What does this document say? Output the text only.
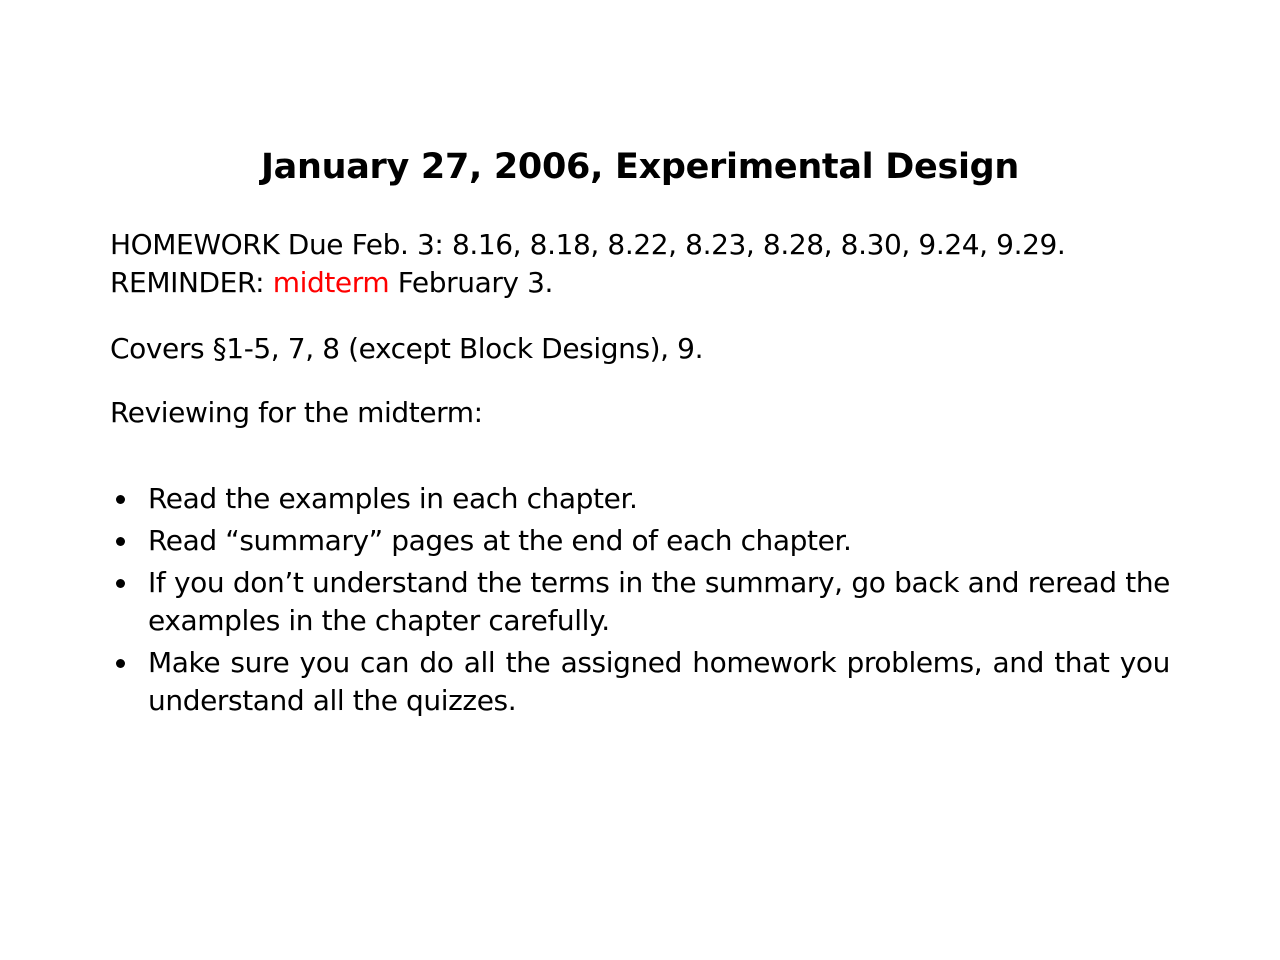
January 27, 2006, Experimental Design
HOMEWORK Due Feb. 3: 8.16, 8.18, 8.22, 8.23, 8.28, 8.30, 9.24, 9.29.
REMINDER: midterm February 3.
Covers §1-5, 7, 8 (except Block Designs), 9.
Reviewing for the midterm:
Read the examples in each chapter.
Read “summary” pages at the end of each chapter.
If you don’t understand the terms in the summary, go back and reread the examples in the chapter carefully.
Make sure you can do all the assigned homework problems, and that you understand all the quizzes.
